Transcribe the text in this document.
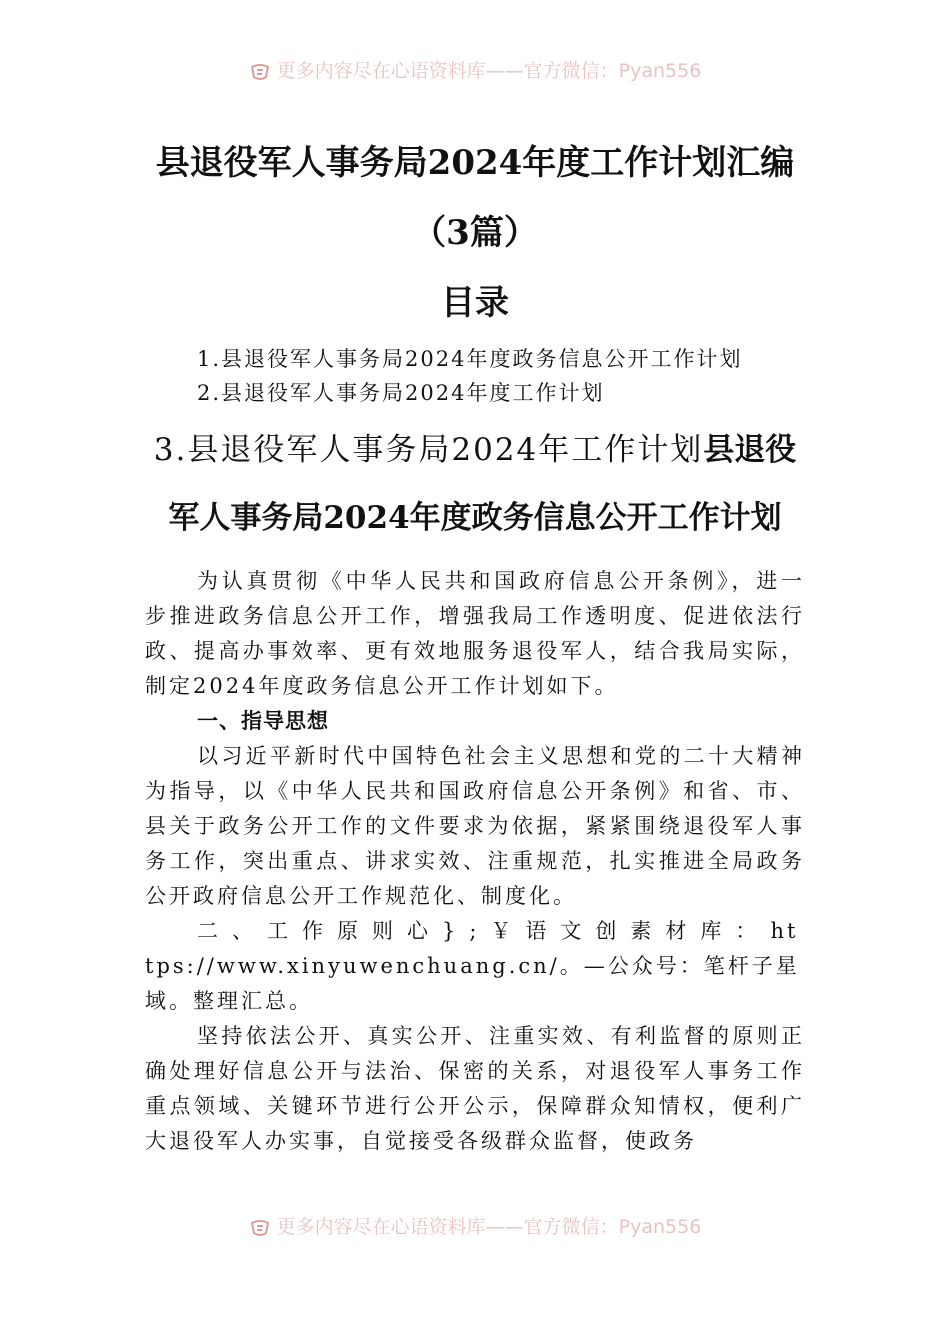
更多内容尽在心语资料库——官方微信：Pyan556
县退役军人事务局2024年度工作计划汇编
（3篇）
目录
1.县退役军人事务局2024年度政务信息公开工作计划
2.县退役军人事务局2024年度工作计划
3.县退役军人事务局2024年工作计划县退役军人事务局2024年度政务信息公开工作计划

为认真贯彻《中华人民共和国政府信息公开条例》，进一步推进政务信息公开工作，增强我局工作透明度、促进依法行政、提高办事效率、更有效地服务退役军人，结合我局实际，制定2024年度政务信息公开工作计划如下。

一、指导思想

以习近平新时代中国特色社会主义思想和党的二十大精神为指导，以《中华人民共和国政府信息公开条例》和省、市、县关于政务公开工作的文件要求为依据，紧紧围绕退役军人事务工作，突出重点、讲求实效、注重规范，扎实推进全局政务公开政府信息公开工作规范化、制度化。

二、工作原则心};￥语文创素材库：https://www.xinyuwenchuang.cn/。—公众号：笔杆子星域。整理汇总。

坚持依法公开、真实公开、注重实效、有利监督的原则正确处理好信息公开与法治、保密的关系，对退役军人事务工作重点领域、关键环节进行公开公示，保障群众知情权，便利广大退役军人办实事，自觉接受各级群众监督，使政务

更多内容尽在心语资料库——官方微信：Pyan556
